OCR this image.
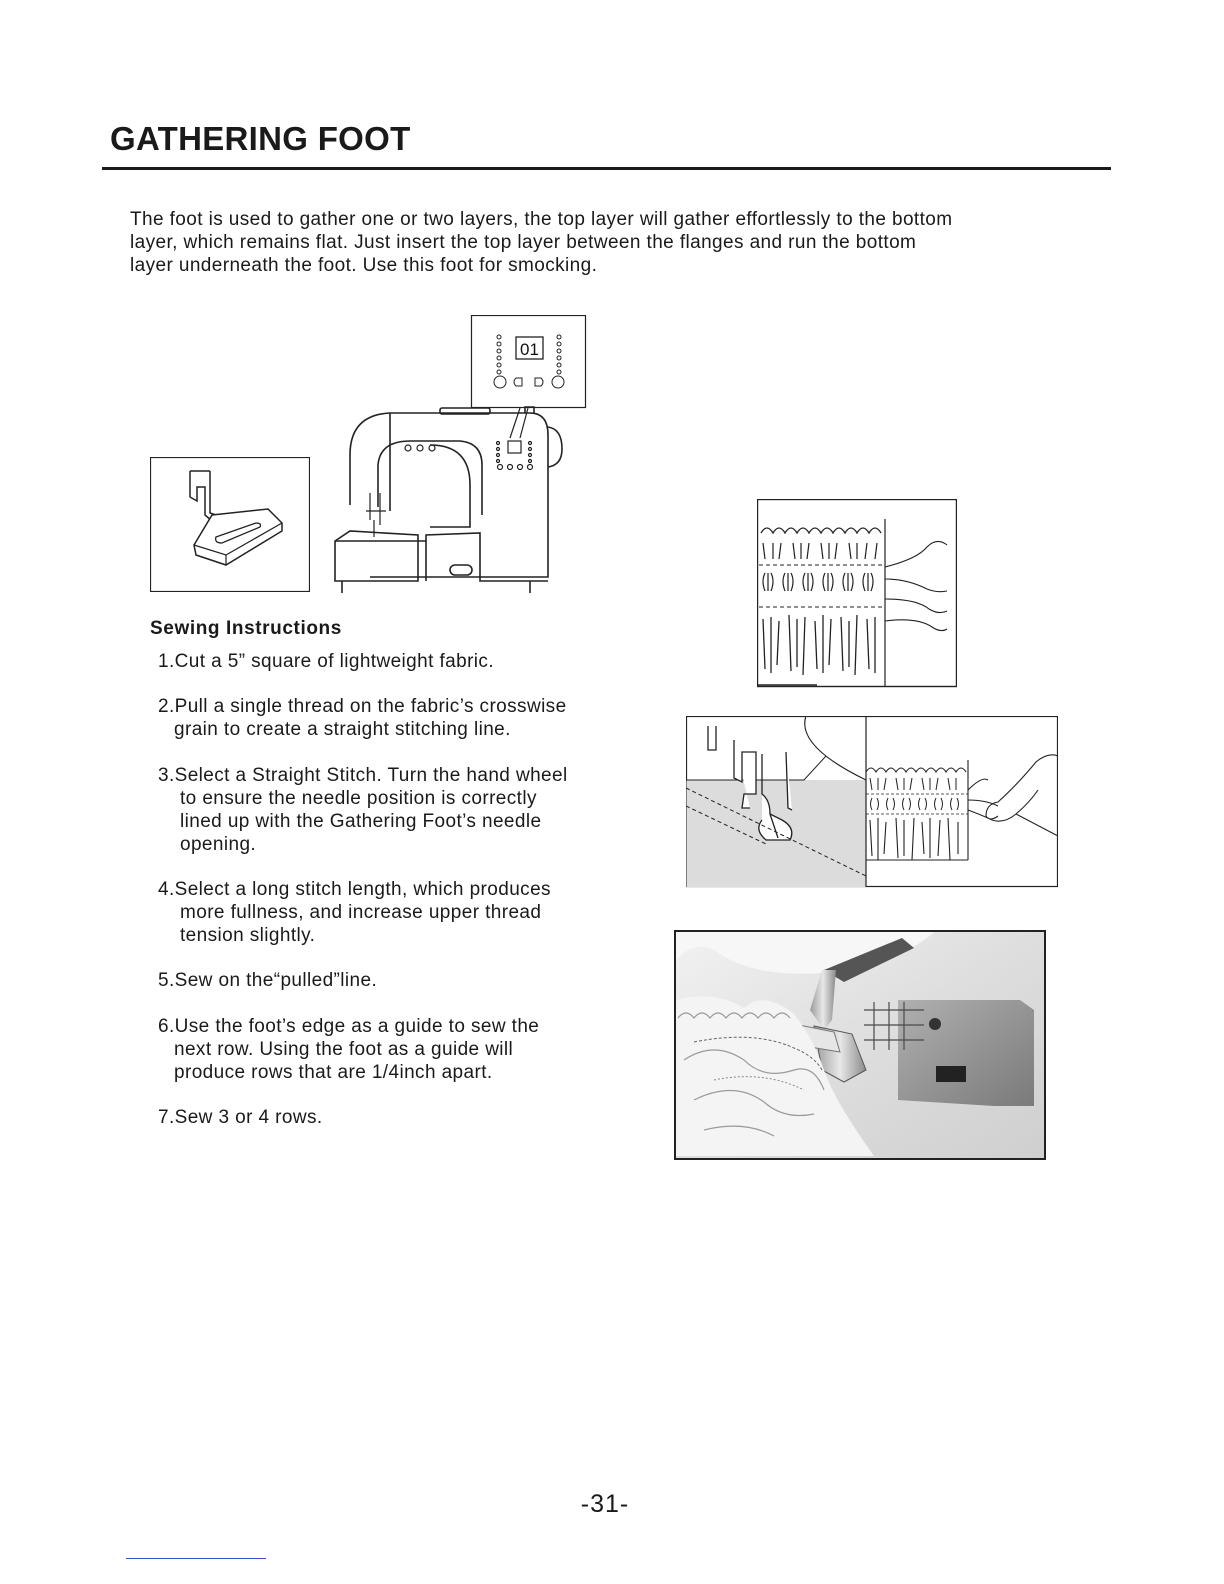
GATHERING FOOT

The foot is used to gather one or two layers, the top layer will gather effortlessly to the bottom
layer, which remains flat. Just insert the top layer between the flanges and run the bottom
layer underneath the foot. Use this foot for smocking.

01
Sewing Instructions
1.Cut a 5” square of lightweight fabric.
2.Pull a single thread on the fabric’s crosswise
grain to create a straight stitching line.
3.Select a Straight Stitch. Turn the hand wheel
to ensure the needle position is correctly
lined up with the Gathering Foot’s needle
opening.
4.Select a long stitch length, which produces
more fullness, and increase upper thread
tension slightly.
5.Sew on the“pulled”line.
6.Use the foot’s edge as a guide to sew the
next row. Using the foot as a guide will
produce rows that are 1/4inch apart.
7.Sew 3 or 4 rows.
-31-
